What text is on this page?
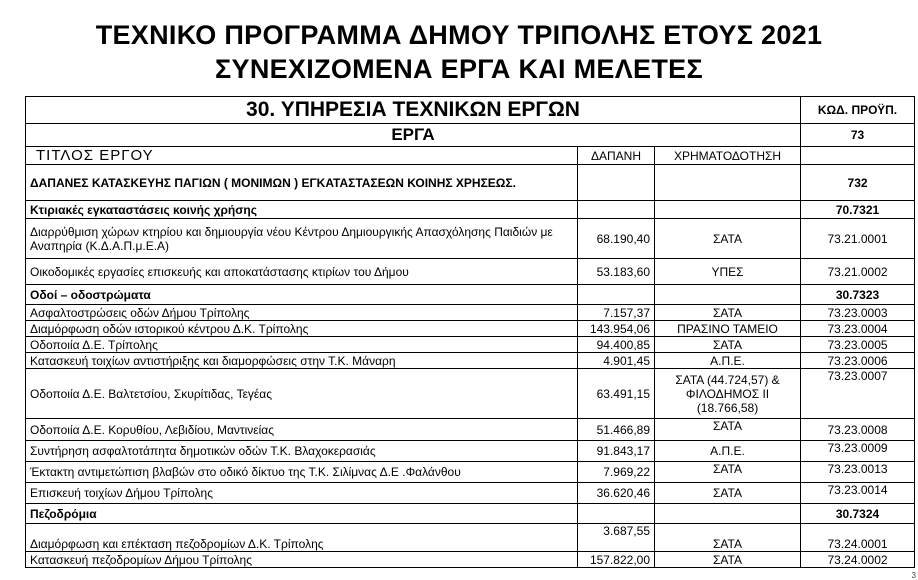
ΤΕΧΝΙΚΟ ΠΡΟΓΡΑΜΜΑ ΔΗΜΟΥ ΤΡΙΠΟΛΗΣ ΕΤΟΥΣ 2021
ΣΥΝΕΧΙΖΟΜΕΝΑ ΕΡΓΑ ΚΑΙ ΜΕΛΕΤΕΣ
30. ΥΠΗΡΕΣΙΑ ΤΕΧΝΙΚΩΝ ΕΡΓΩΝ			ΚΩΔ. ΠΡΟΫΠ.
ΕΡΓΑ			73
ΤΙΤΛΟΣ ΕΡΓΟΥ	ΔΑΠΑΝΗ	ΧΡΗΜΑΤΟΔΟΤΗΣΗ	
ΔΑΠΑΝΕΣ ΚΑΤΑΣΚΕΥΗΣ ΠΑΓΙΩΝ ( ΜΟΝΙΜΩΝ ) ΕΓΚΑΤΑΣΤΑΣΕΩΝ ΚΟΙΝΗΣ ΧΡΗΣΕΩΣ.			732
Κτιριακές εγκαταστάσεις κοινής χρήσης			70.7321
Διαρρύθμιση χώρων κτηρίου και δημιουργία νέου Κέντρου Δημιουργικής Απασχόλησης Παιδιών με Αναπηρία (Κ.Δ.Α.Π.μ.Ε.Α)	68.190,40	ΣΑΤΑ	73.21.0001
Οικοδομικές εργασίες επισκευής και αποκατάστασης κτιρίων του Δήμου	53.183,60	ΥΠΕΣ	73.21.0002
Οδοί – οδοστρώματα			30.7323
Ασφαλτοστρώσεις οδών Δήμου Τρίπολης	7.157,37	ΣΑΤΑ	73.23.0003
Διαμόρφωση οδών ιστορικού κέντρου Δ.Κ. Τρίπολης	143.954,06	ΠΡΑΣΙΝΟ ΤΑΜΕΙΟ	73.23.0004
Οδοποιία Δ.Ε. Τρίπολης	94.400,85	ΣΑΤΑ	73.23.0005
Κατασκευή τοιχίων αντιστήριξης και διαμορφώσεις στην Τ.Κ. Μάναρη	4.901,45	Α.Π.Ε.	73.23.0006
Οδοποιία Δ.Ε. Βαλτετσίου, Σκυρίτιδας, Τεγέας	63.491,15	ΣΑΤΑ (44.724,57) & ΦΙΛΟΔΗΜΟΣ ΙΙ (18.766,58)	73.23.0007
Οδοποιία Δ.Ε. Κορυθίου, Λεβιδίου, Μαντινείας	51.466,89	ΣΑΤΑ	73.23.0008
Συντήρηση ασφαλτοτάπητα δημοτικών οδών Τ.Κ. Βλαχοκερασιάς	91.843,17	Α.Π.Ε.	73.23.0009
Έκτακτη αντιμετώπιση βλαβών στο οδικό δίκτυο της Τ.Κ. Σιλίμνας Δ.Ε .Φαλάνθου	7.969,22	ΣΑΤΑ	73.23.0013
Επισκευή τοιχίων Δήμου Τρίπολης	36.620,46	ΣΑΤΑ	73.23.0014
Πεζοδρόμια			30.7324
Διαμόρφωση και επέκταση πεζοδρομίων Δ.Κ. Τρίπολης	3.687,55	ΣΑΤΑ	73.24.0001
Κατασκευή πεζοδρομίων Δήμου Τρίπολης	157.822,00	ΣΑΤΑ	73.24.0002
3
